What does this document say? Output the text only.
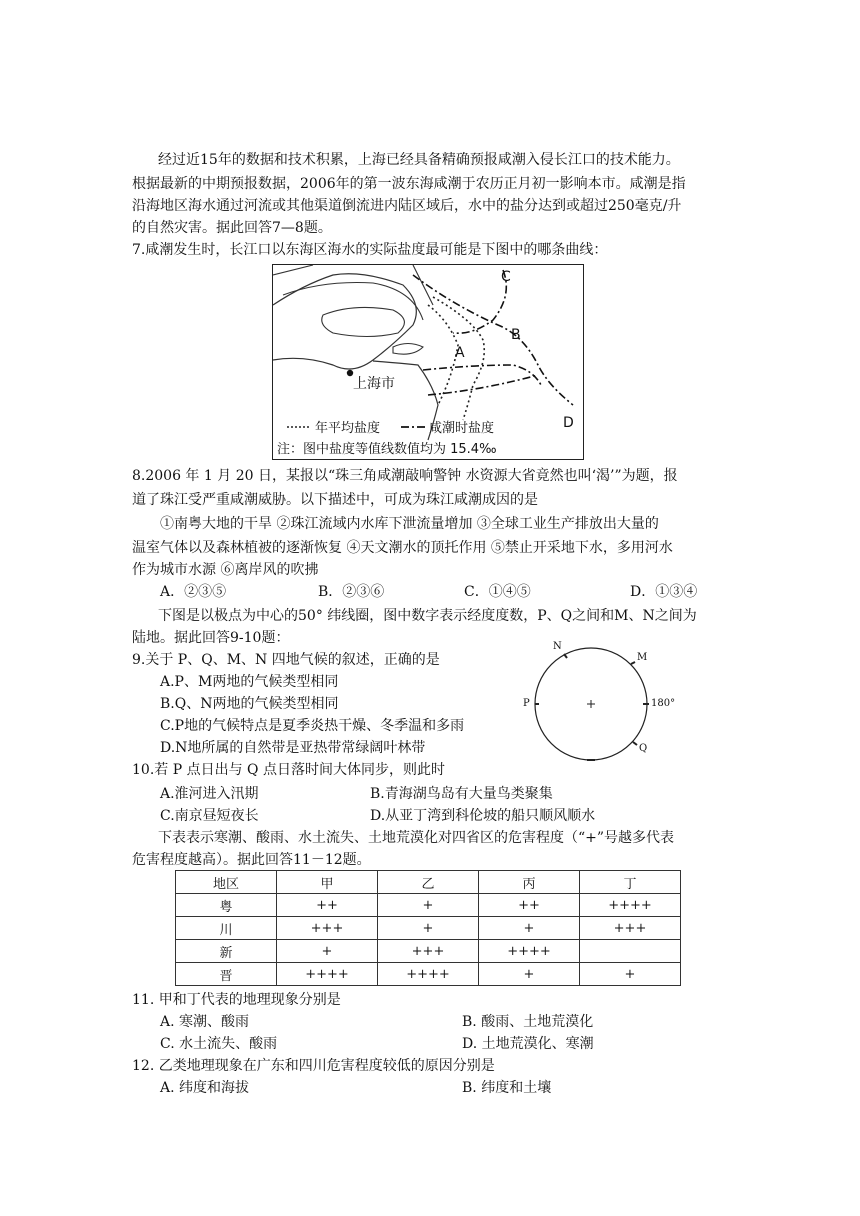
经过近15年的数据和技术积累，上海已经具备精确预报咸潮入侵长江口的技术能力。
根据最新的中期预报数据，2006年的第一波东海咸潮于农历正月初一影响本市。咸潮是指
沿海地区海水通过河流或其他渠道倒流进内陆区域后，水中的盐分达到或超过250毫克/升
的自然灾害。据此回答7—8题。
7.咸潮发生时，长江口以东海区海水的实际盐度最可能是下图中的哪条曲线：
C
B
A
D
上海市
年平均盐度	咸潮时盐度
注：图中盐度等值线数值均为 15.4‰
8.2006 年 1 月 20 日，某报以“珠三角咸潮敲响警钟 水资源大省竟然也叫‘渴’”为题，报
道了珠江受严重咸潮威胁。以下描述中，可成为珠江咸潮成因的是
①南粤大地的干旱 ②珠江流域内水库下泄流量增加 ③全球工业生产排放出大量的
温室气体以及森林植被的逐渐恢复 ④天文潮水的顶托作用 ⑤禁止开采地下水，多用河水
作为城市水源 ⑥离岸风的吹拂
A．②③⑤	B．②③⑥	C．①④⑤	D．①③④
下图是以极点为中心的50° 纬线圈，图中数字表示经度度数，P、Q之间和M、N之间为
陆地。据此回答9-10题：
N
M
P	180°
Q
9.关于 P、Q、M、N 四地气候的叙述，正确的是
A.P、M两地的气候类型相同
B.Q、N两地的气候类型相同
C.P地的气候特点是夏季炎热干燥、冬季温和多雨
D.N地所属的自然带是亚热带常绿阔叶林带
10.若 P 点日出与 Q 点日落时间大体同步，则此时
A.淮河进入汛期	B.青海湖鸟岛有大量鸟类聚集
C.南京昼短夜长	D.从亚丁湾到科伦坡的船只顺风顺水
下表表示寒潮、酸雨、水土流失、土地荒漠化对四省区的危害程度（“+”号越多代表
危害程度越高）。据此回答11－12题。
地区	甲	乙	丙	丁
粤	++	+	++	++++
川	+++	+	+	+++
新	+	+++	++++	
晋	++++	++++	+	+
11. 甲和丁代表的地理现象分别是
A. 寒潮、酸雨	B. 酸雨、土地荒漠化
C. 水土流失、酸雨	D. 土地荒漠化、寒潮
12. 乙类地理现象在广东和四川危害程度较低的原因分别是
A. 纬度和海拔	B. 纬度和土壤
